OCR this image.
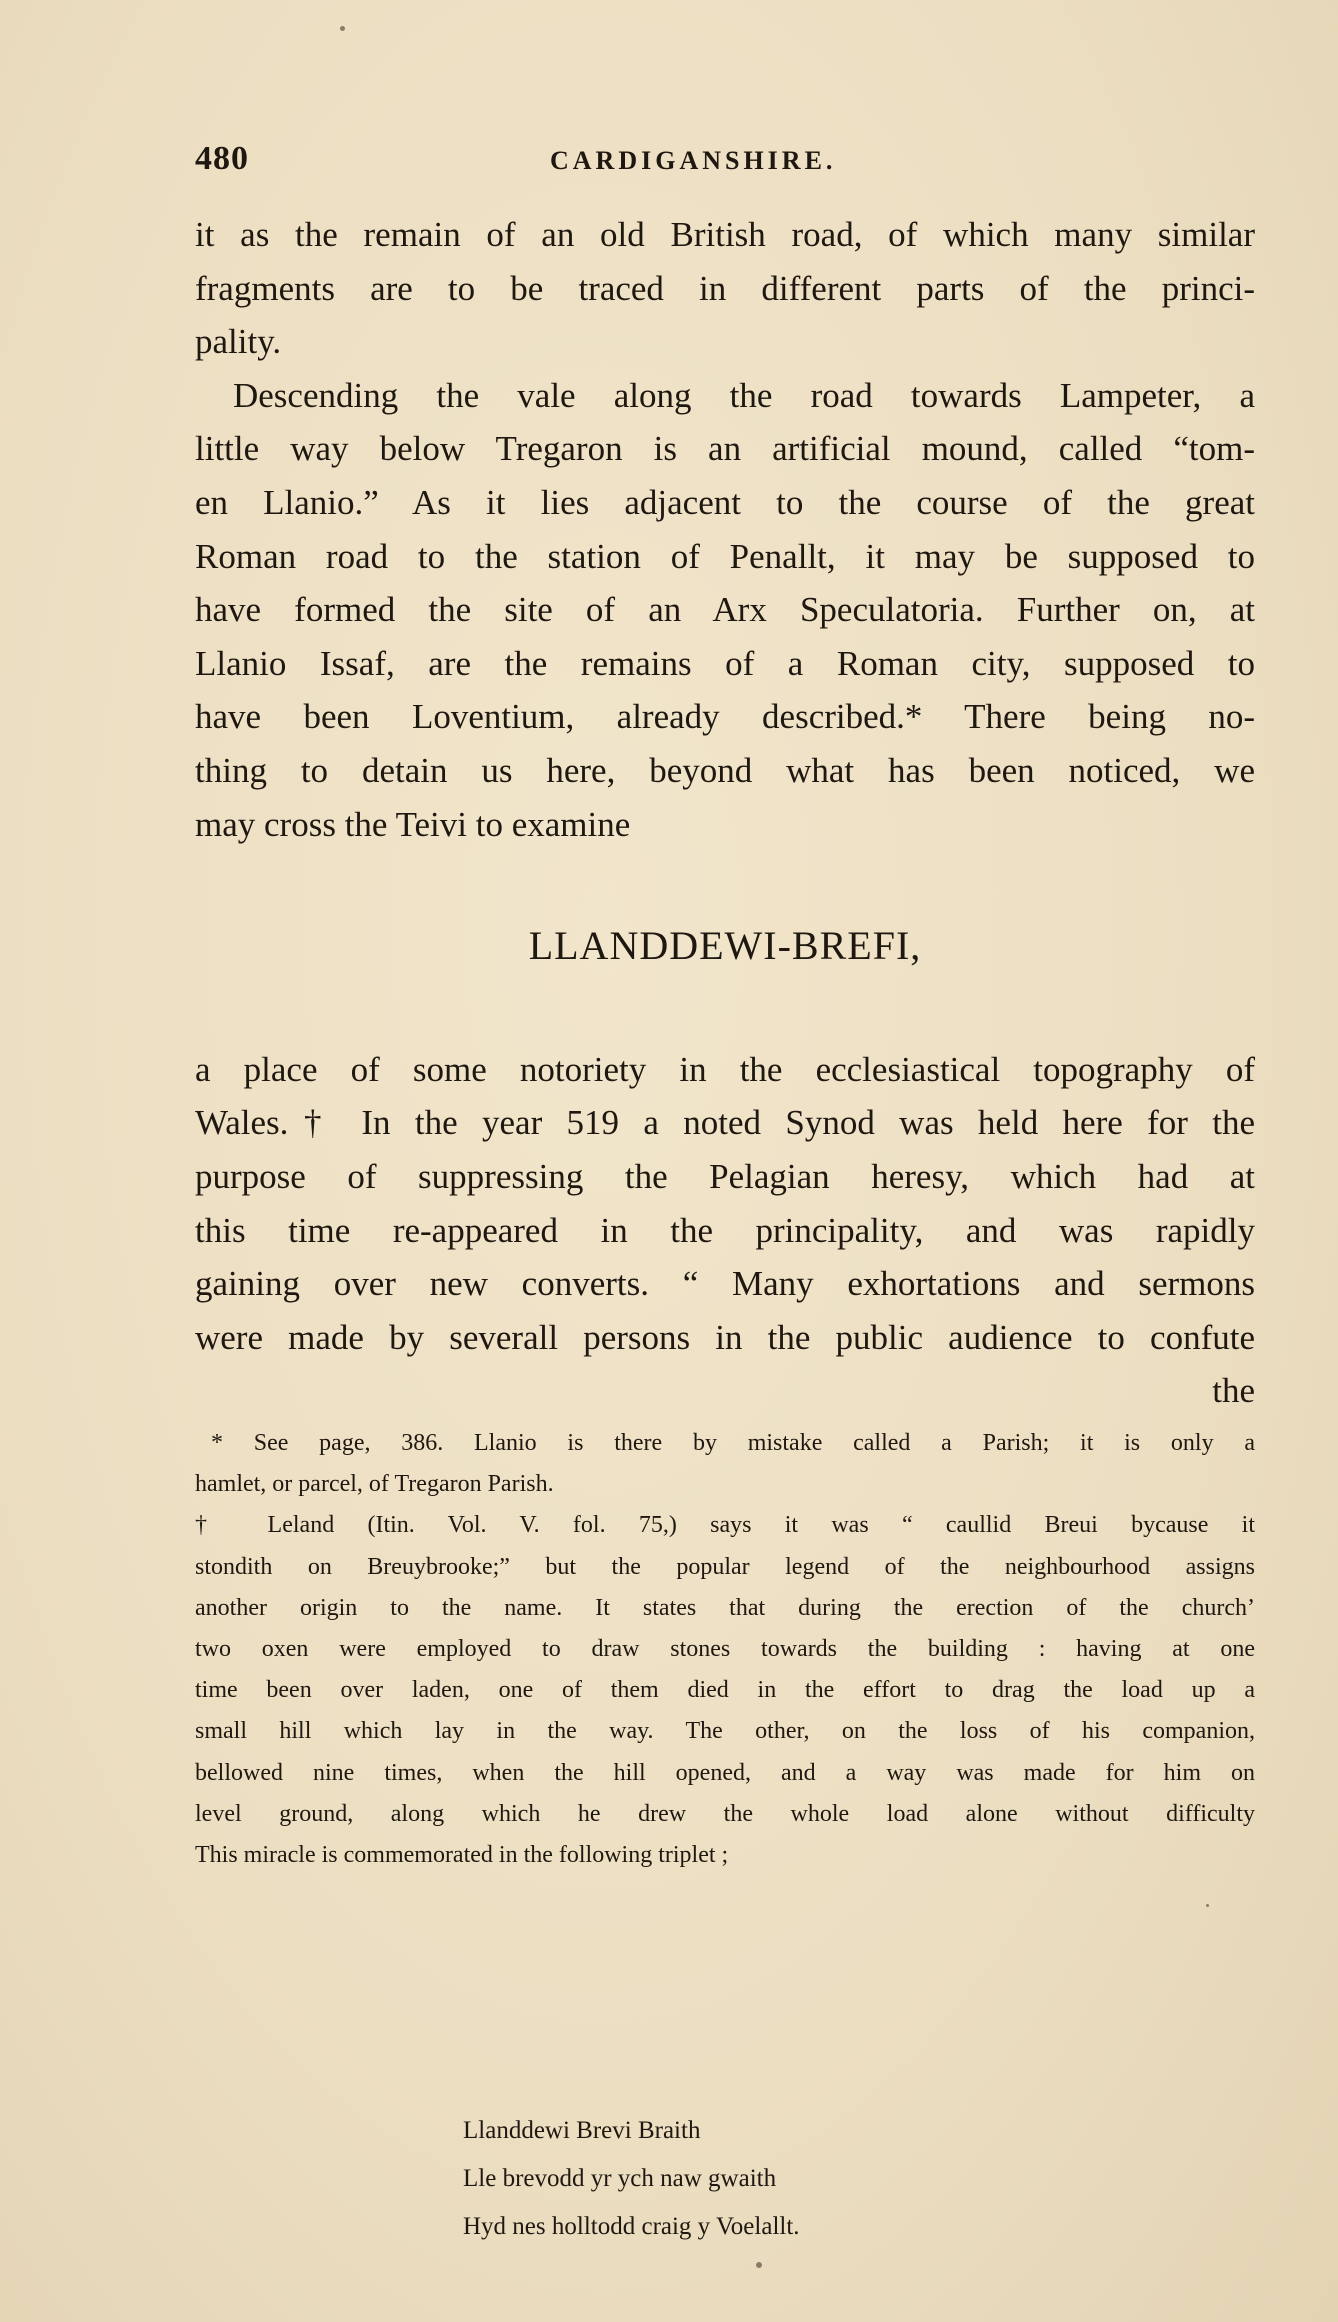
480	CARDIGANSHIRE.
it as the remain of an old British road, of which many similar
fragments are to be traced in different parts of the princi-
pality.
Descending the vale along the road towards Lampeter, a
little way below Tregaron is an artificial mound, called “tom-
en Llanio.” As it lies adjacent to the course of the great
Roman road to the station of Penallt, it may be supposed to
have formed the site of an Arx Speculatoria. Further on, at
Llanio Issaf, are the remains of a Roman city, supposed to
have been Loventium, already described.* There being no-
thing to detain us here, beyond what has been noticed, we
may cross the Teivi to examine
LLANDDEWI-BREFI,
a place of some notoriety in the ecclesiastical topography of
Wales.† In the year 519 a noted Synod was held here for the
purpose of suppressing the Pelagian heresy, which had at
this time re-appeared in the principality, and was rapidly
gaining over new converts. “ Many exhortations and sermons
were made by severall persons in the public audience to confute
the
* See page, 386. Llanio is there by mistake called a Parish; it is only a
hamlet, or parcel, of Tregaron Parish.
† Leland (Itin. Vol. V. fol. 75,) says it was “ caullid Breui bycause it
stondith on Breuybrooke;” but the popular legend of the neighbourhood assigns
another origin to the name. It states that during the erection of the church’
two oxen were employed to draw stones towards the building : having at one
time been over laden, one of them died in the effort to drag the load up a
small hill which lay in the way. The other, on the loss of his companion,
bellowed nine times, when the hill opened, and a way was made for him on
level ground, along which he drew the whole load alone without difficulty
This miracle is commemorated in the following triplet ;
Llanddewi Brevi Braith
Lle brevodd yr ych naw gwaith
Hyd nes holltodd craig y Voelallt.
